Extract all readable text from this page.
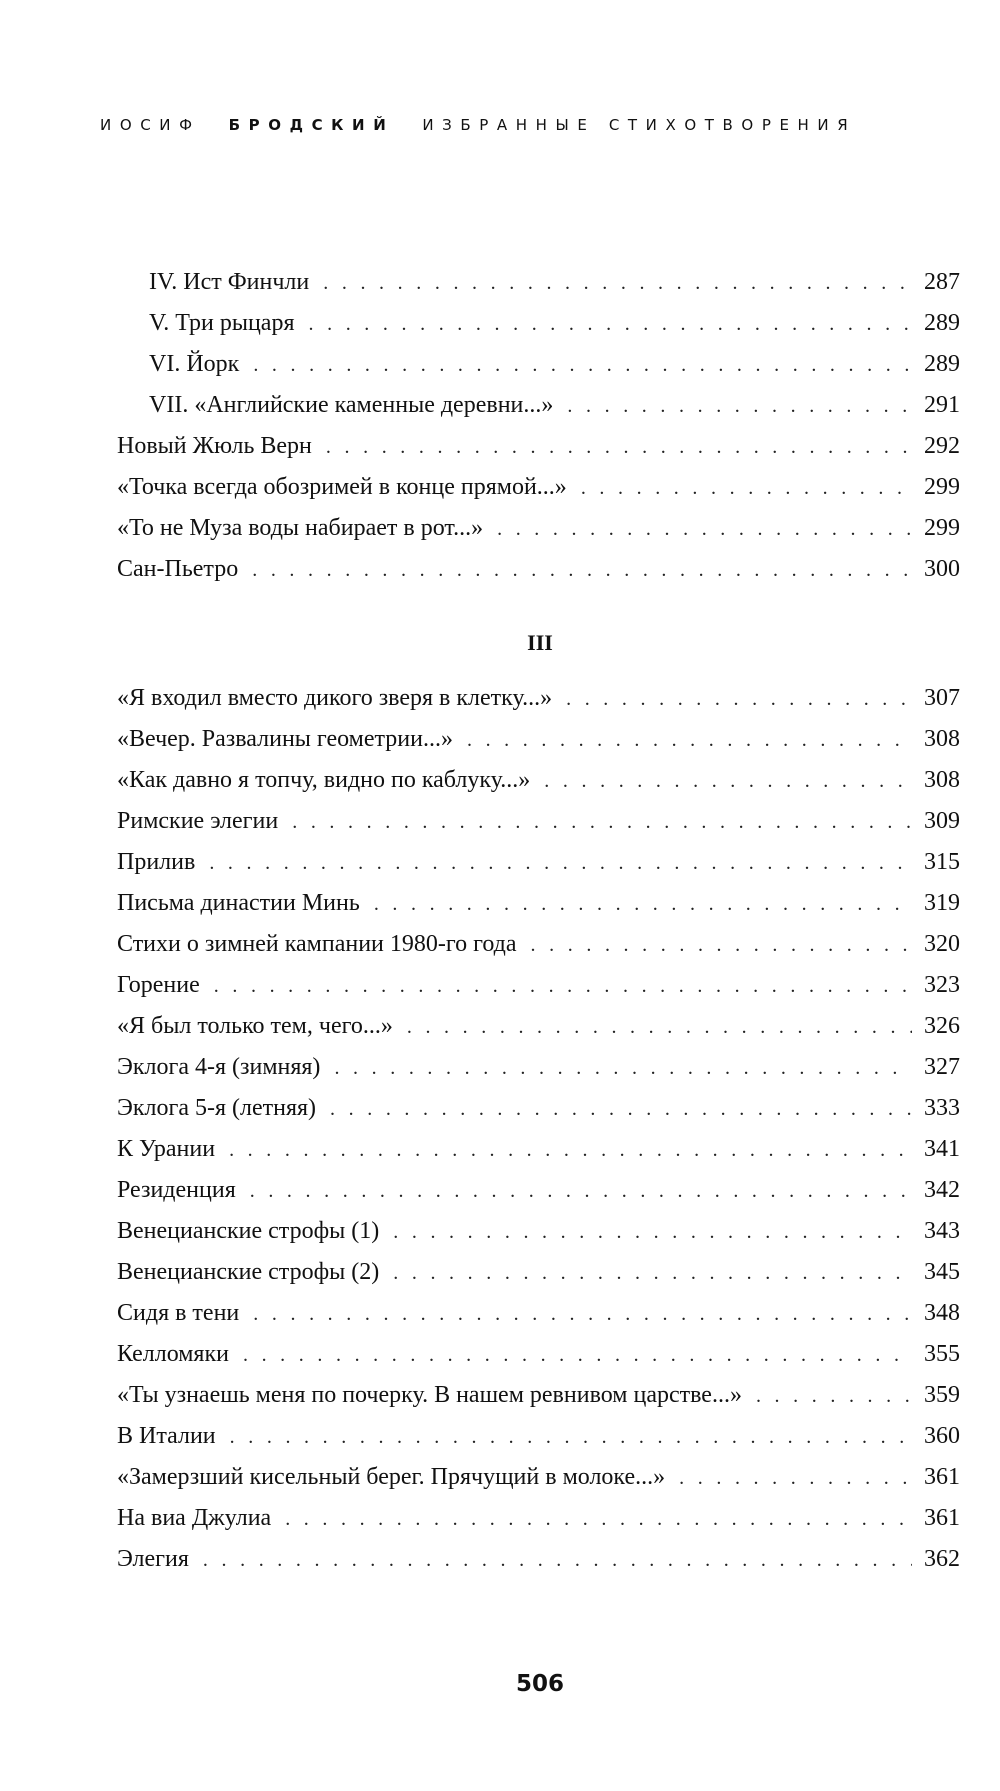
ИОСИФ БРОДСКИЙ ИЗБРАННЫЕ СТИХОТВОРЕНИЯ
IV. Ист Финчли . . .	287
V. Три рыцаря . . .	289
VI. Йорк . . .	289
VII. «Английские каменные деревни...» . . .	291
Новый Жюль Верн . . .	292
«Точка всегда обозримей в конце прямой...» . . .	299
«То не Муза воды набирает в рот...» . . .	299
Сан-Пьетро . . .	300
III
«Я входил вместо дикого зверя в клетку...» . . .	307
«Вечер. Развалины геометрии...» . . .	308
«Как давно я топчу, видно по каблуку...» . . .	308
Римские элегии . . .	309
Прилив . . .	315
Письма династии Минь . . .	319
Стихи о зимней кампании 1980-го года . . .	320
Горение . . .	323
«Я был только тем, чего...» . . .	326
Эклога 4-я (зимняя) . . .	327
Эклога 5-я (летняя) . . .	333
К Урании . . .	341
Резиденция . . .	342
Венецианские строфы (1) . . .	343
Венецианские строфы (2) . . .	345
Сидя в тени . . .	348
Келломяки . . .	355
«Ты узнаешь меня по почерку. В нашем ревнивом царстве...» . . .	359
В Италии . . .	360
«Замерзший кисельный берег. Прячущий в молоке...» . . .	361
На виа Джулиа . . .	361
Элегия . . .	362
506
